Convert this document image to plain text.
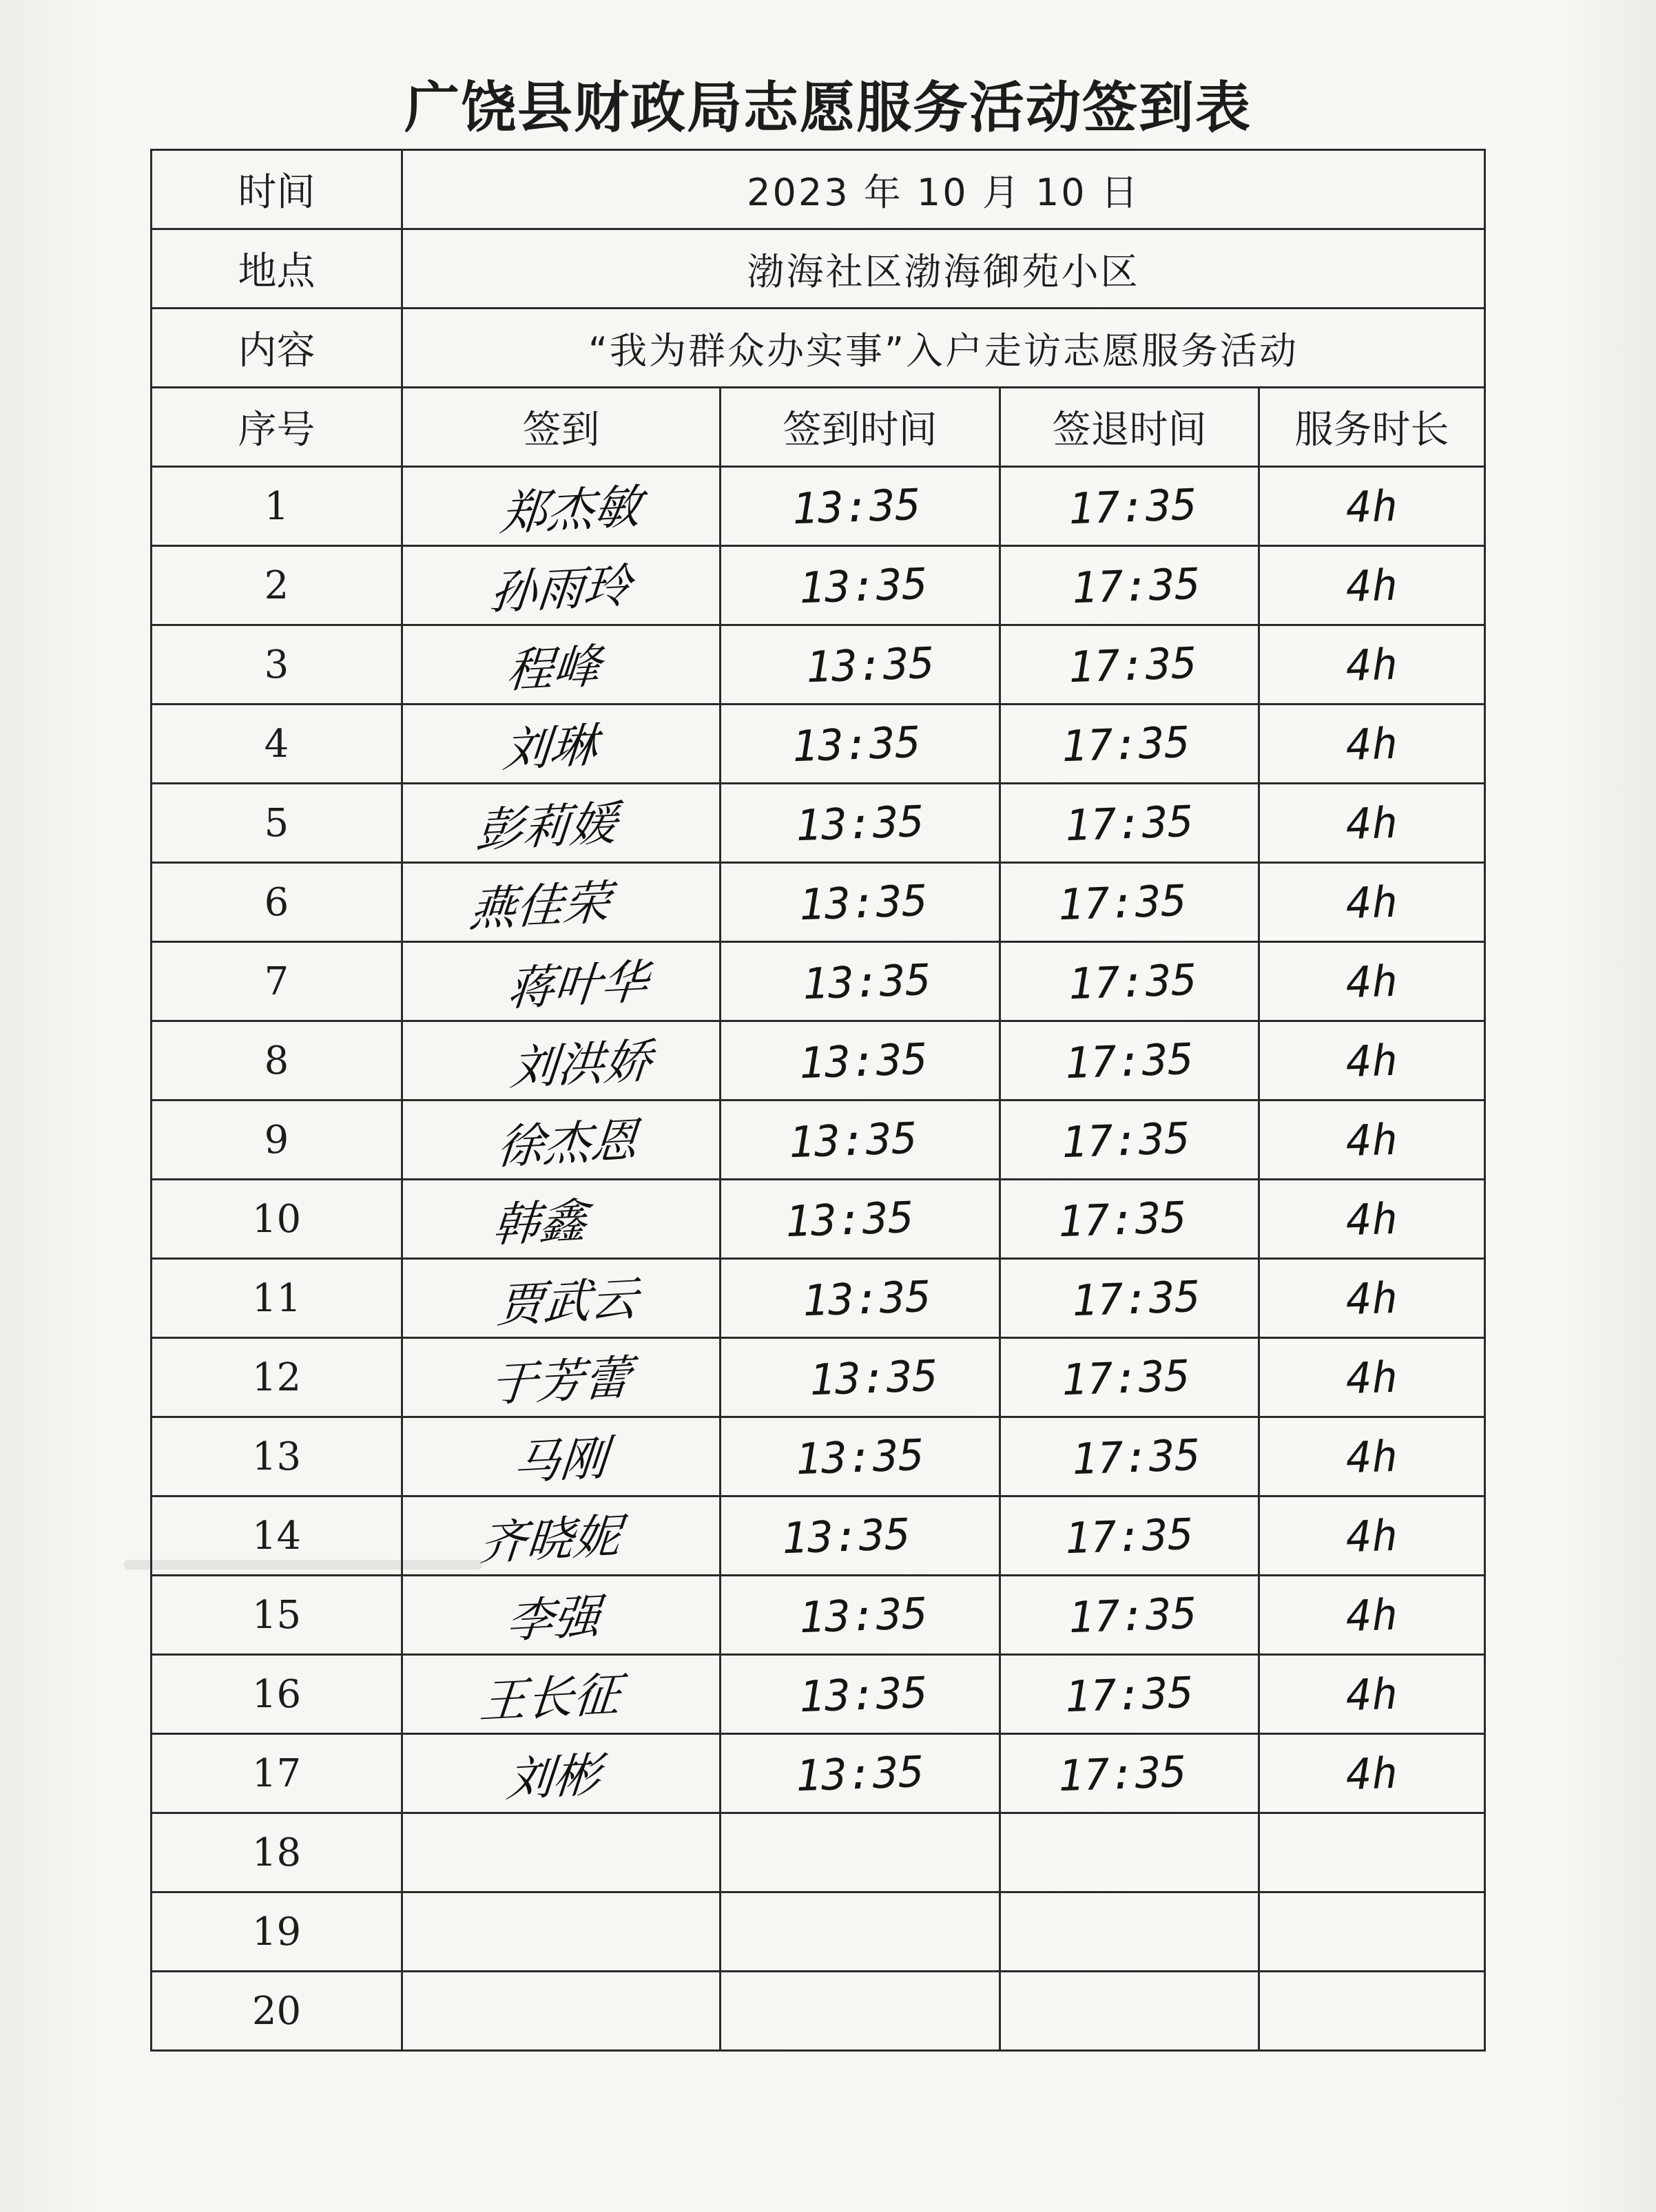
广饶县财政局志愿服务活动签到表
时间	2023 年 10 月 10 日			
地点	渤海社区渤海御苑小区			
内容	“我为群众办实事”入户走访志愿服务活动			
序号	签到	签到时间	签退时间	服务时长
1	郑杰敏	13:35	17:35	4h
2	孙雨玲	13:35	17:35	4h
3	程峰	13:35	17:35	4h
4	刘琳	13:35	17:35	4h
5	彭莉媛	13:35	17:35	4h
6	燕佳荣	13:35	17:35	4h
7	蒋叶华	13:35	17:35	4h
8	刘洪娇	13:35	17:35	4h
9	徐杰恩	13:35	17:35	4h
10	韩鑫	13:35	17:35	4h
11	贾武云	13:35	17:35	4h
12	于芳蕾	13:35	17:35	4h
13	马刚	13:35	17:35	4h
14	齐晓妮	13:35	17:35	4h
15	李强	13:35	17:35	4h
16	王长征	13:35	17:35	4h
17	刘彬	13:35	17:35	4h
18				
19				
20				
